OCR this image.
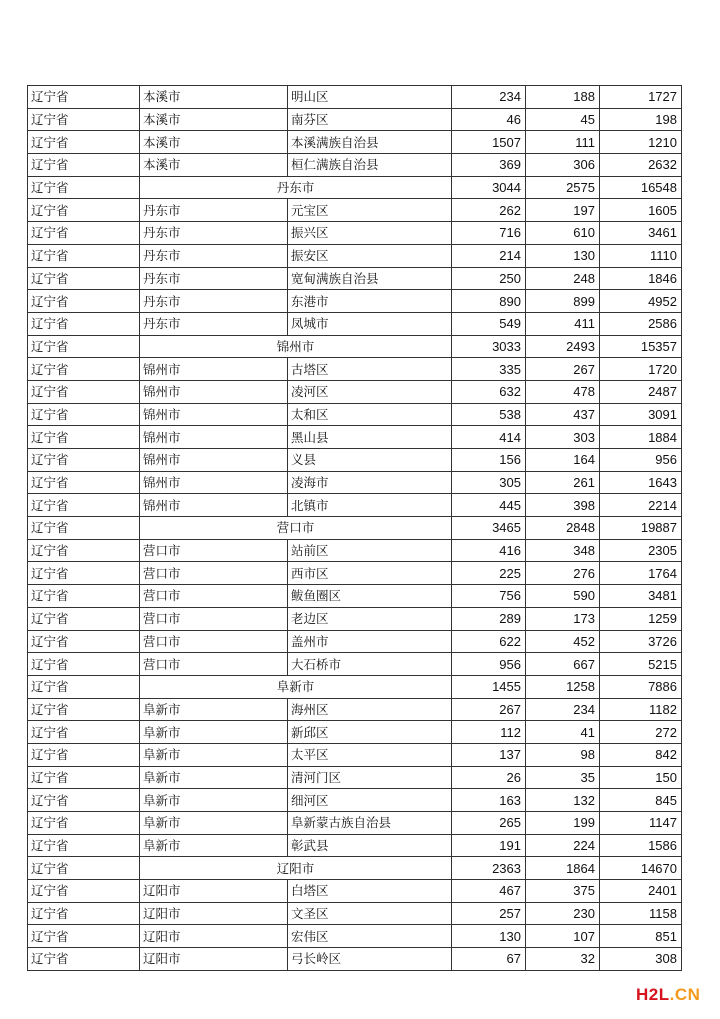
辽宁省	本溪市	明山区	234	188	1727
辽宁省	本溪市	南芬区	46	45	198
辽宁省	本溪市	本溪满族自治县	1507	111	1210
辽宁省	本溪市	桓仁满族自治县	369	306	2632
辽宁省	丹东市		3044	2575	16548
辽宁省	丹东市	元宝区	262	197	1605
辽宁省	丹东市	振兴区	716	610	3461
辽宁省	丹东市	振安区	214	130	1110
辽宁省	丹东市	宽甸满族自治县	250	248	1846
辽宁省	丹东市	东港市	890	899	4952
辽宁省	丹东市	凤城市	549	411	2586
辽宁省	锦州市		3033	2493	15357
辽宁省	锦州市	古塔区	335	267	1720
辽宁省	锦州市	凌河区	632	478	2487
辽宁省	锦州市	太和区	538	437	3091
辽宁省	锦州市	黑山县	414	303	1884
辽宁省	锦州市	义县	156	164	956
辽宁省	锦州市	凌海市	305	261	1643
辽宁省	锦州市	北镇市	445	398	2214
辽宁省	营口市		3465	2848	19887
辽宁省	营口市	站前区	416	348	2305
辽宁省	营口市	西市区	225	276	1764
辽宁省	营口市	鲅鱼圈区	756	590	3481
辽宁省	营口市	老边区	289	173	1259
辽宁省	营口市	盖州市	622	452	3726
辽宁省	营口市	大石桥市	956	667	5215
辽宁省	阜新市		1455	1258	7886
辽宁省	阜新市	海州区	267	234	1182
辽宁省	阜新市	新邱区	112	41	272
辽宁省	阜新市	太平区	137	98	842
辽宁省	阜新市	清河门区	26	35	150
辽宁省	阜新市	细河区	163	132	845
辽宁省	阜新市	阜新蒙古族自治县	265	199	1147
辽宁省	阜新市	彰武县	191	224	1586
辽宁省	辽阳市		2363	1864	14670
辽宁省	辽阳市	白塔区	467	375	2401
辽宁省	辽阳市	文圣区	257	230	1158
辽宁省	辽阳市	宏伟区	130	107	851
辽宁省	辽阳市	弓长岭区	67	32	308
H2L.CN
